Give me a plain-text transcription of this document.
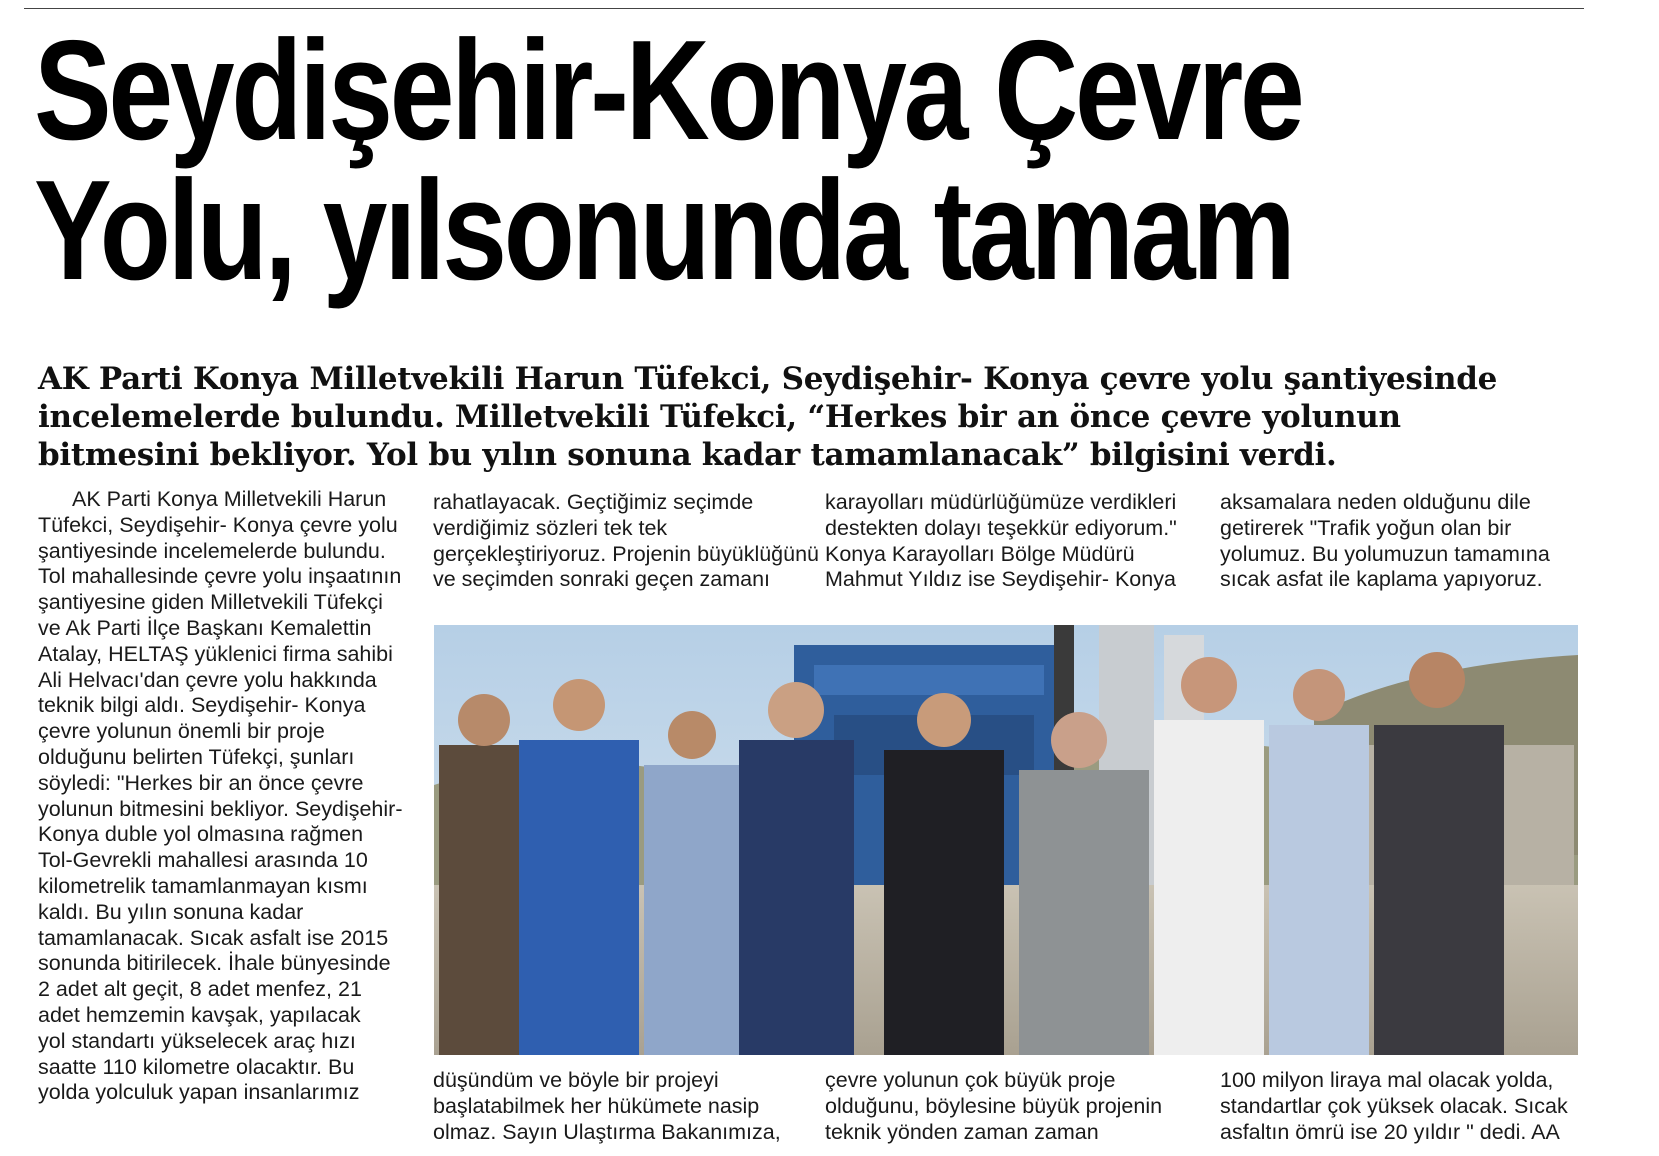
Seydişehir-Konya Çevre
Yolu, yılsonunda tamam
AK Parti Konya Milletvekili Harun Tüfekci, Seydişehir- Konya çevre yolu şantiyesinde
incelemelerde bulundu. Milletvekili Tüfekci, “Herkes bir an önce çevre yolunun
bitmesini bekliyor. Yol bu yılın sonuna kadar tamamlanacak” bilgisini verdi.
AK Parti Konya Milletvekili Harun
Tüfekci, Seydişehir- Konya çevre yolu
şantiyesinde incelemelerde bulundu.
Tol mahallesinde çevre yolu inşaatının
şantiyesine giden Milletvekili Tüfekçi
ve Ak Parti İlçe Başkanı Kemalettin
Atalay, HELTAŞ yüklenici firma sahibi
Ali Helvacı'dan çevre yolu hakkında
teknik bilgi aldı. Seydişehir- Konya
çevre yolunun önemli bir proje
olduğunu belirten Tüfekçi, şunları
söyledi: "Herkes bir an önce çevre
yolunun bitmesini bekliyor. Seydişehir-
Konya duble yol olmasına rağmen
Tol-Gevrekli mahallesi arasında 10
kilometrelik tamamlanmayan kısmı
kaldı. Bu yılın sonuna kadar
tamamlanacak. Sıcak asfalt ise 2015
sonunda bitirilecek. İhale bünyesinde
2 adet alt geçit, 8 adet menfez, 21
adet hemzemin kavşak, yapılacak
yol standartı yükselecek araç hızı
saatte 110 kilometre olacaktır. Bu
yolda yolculuk yapan insanlarımız
rahatlayacak. Geçtiğimiz seçimde
verdiğimiz sözleri tek tek
gerçekleştiriyoruz. Projenin büyüklüğünü
ve seçimden sonraki geçen zamanı
karayolları müdürlüğümüze verdikleri
destekten dolayı teşekkür ediyorum."
Konya Karayolları Bölge Müdürü
Mahmut Yıldız ise Seydişehir- Konya
aksamalara neden olduğunu dile
getirerek "Trafik yoğun olan bir
yolumuz. Bu yolumuzun tamamına
sıcak asfat ile kaplama yapıyoruz.
düşündüm ve böyle bir projeyi
başlatabilmek her hükümete nasip
olmaz. Sayın Ulaştırma Bakanımıza,
çevre yolunun çok büyük proje
olduğunu, böylesine büyük projenin
teknik yönden zaman zaman
100 milyon liraya mal olacak yolda,
standartlar çok yüksek olacak. Sıcak
asfaltın ömrü ise 20 yıldır " dedi. AA
